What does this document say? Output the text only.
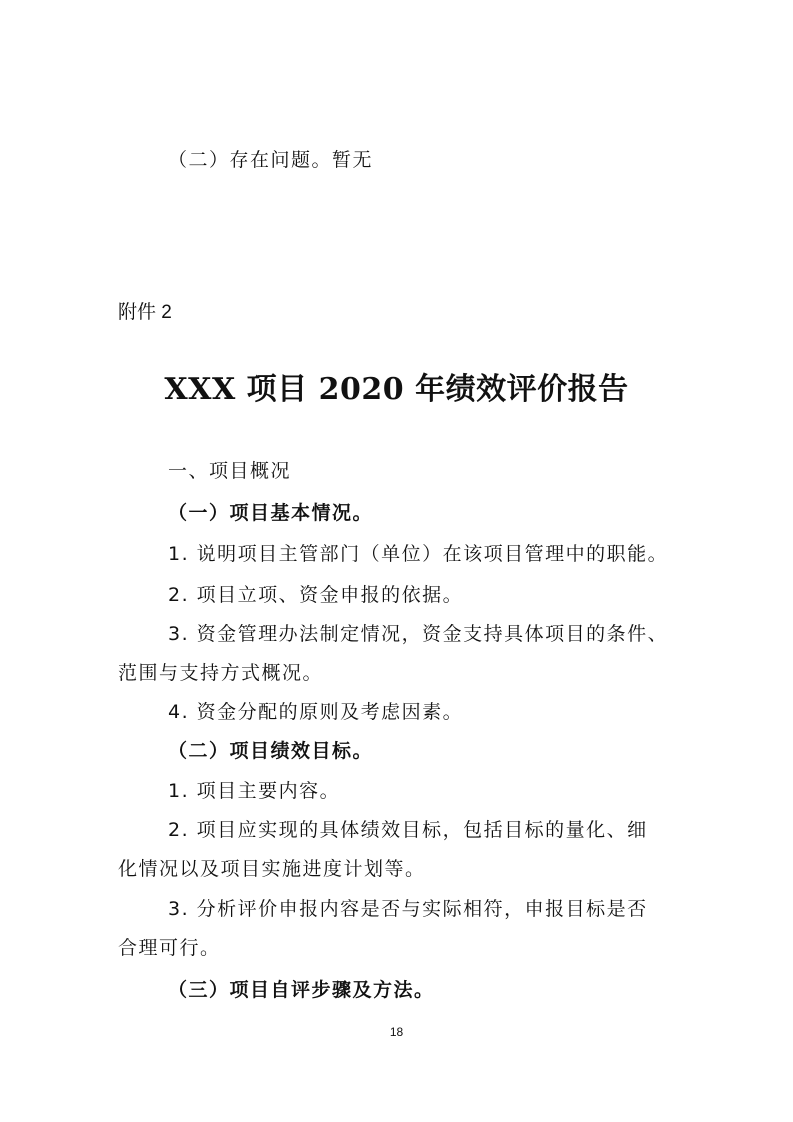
（二）存在问题。暂无

附件 2

XXX 项目 2020 年绩效评价报告

一、项目概况

（一）项目基本情况。

1. 说明项目主管部门（单位）在该项目管理中的职能。

2. 项目立项、资金申报的依据。

3. 资金管理办法制定情况，资金支持具体项目的条件、

范围与支持方式概况。

4. 资金分配的原则及考虑因素。

（二）项目绩效目标。

1. 项目主要内容。

2. 项目应实现的具体绩效目标，包括目标的量化、细

化情况以及项目实施进度计划等。

3. 分析评价申报内容是否与实际相符，申报目标是否

合理可行。

（三）项目自评步骤及方法。

18
